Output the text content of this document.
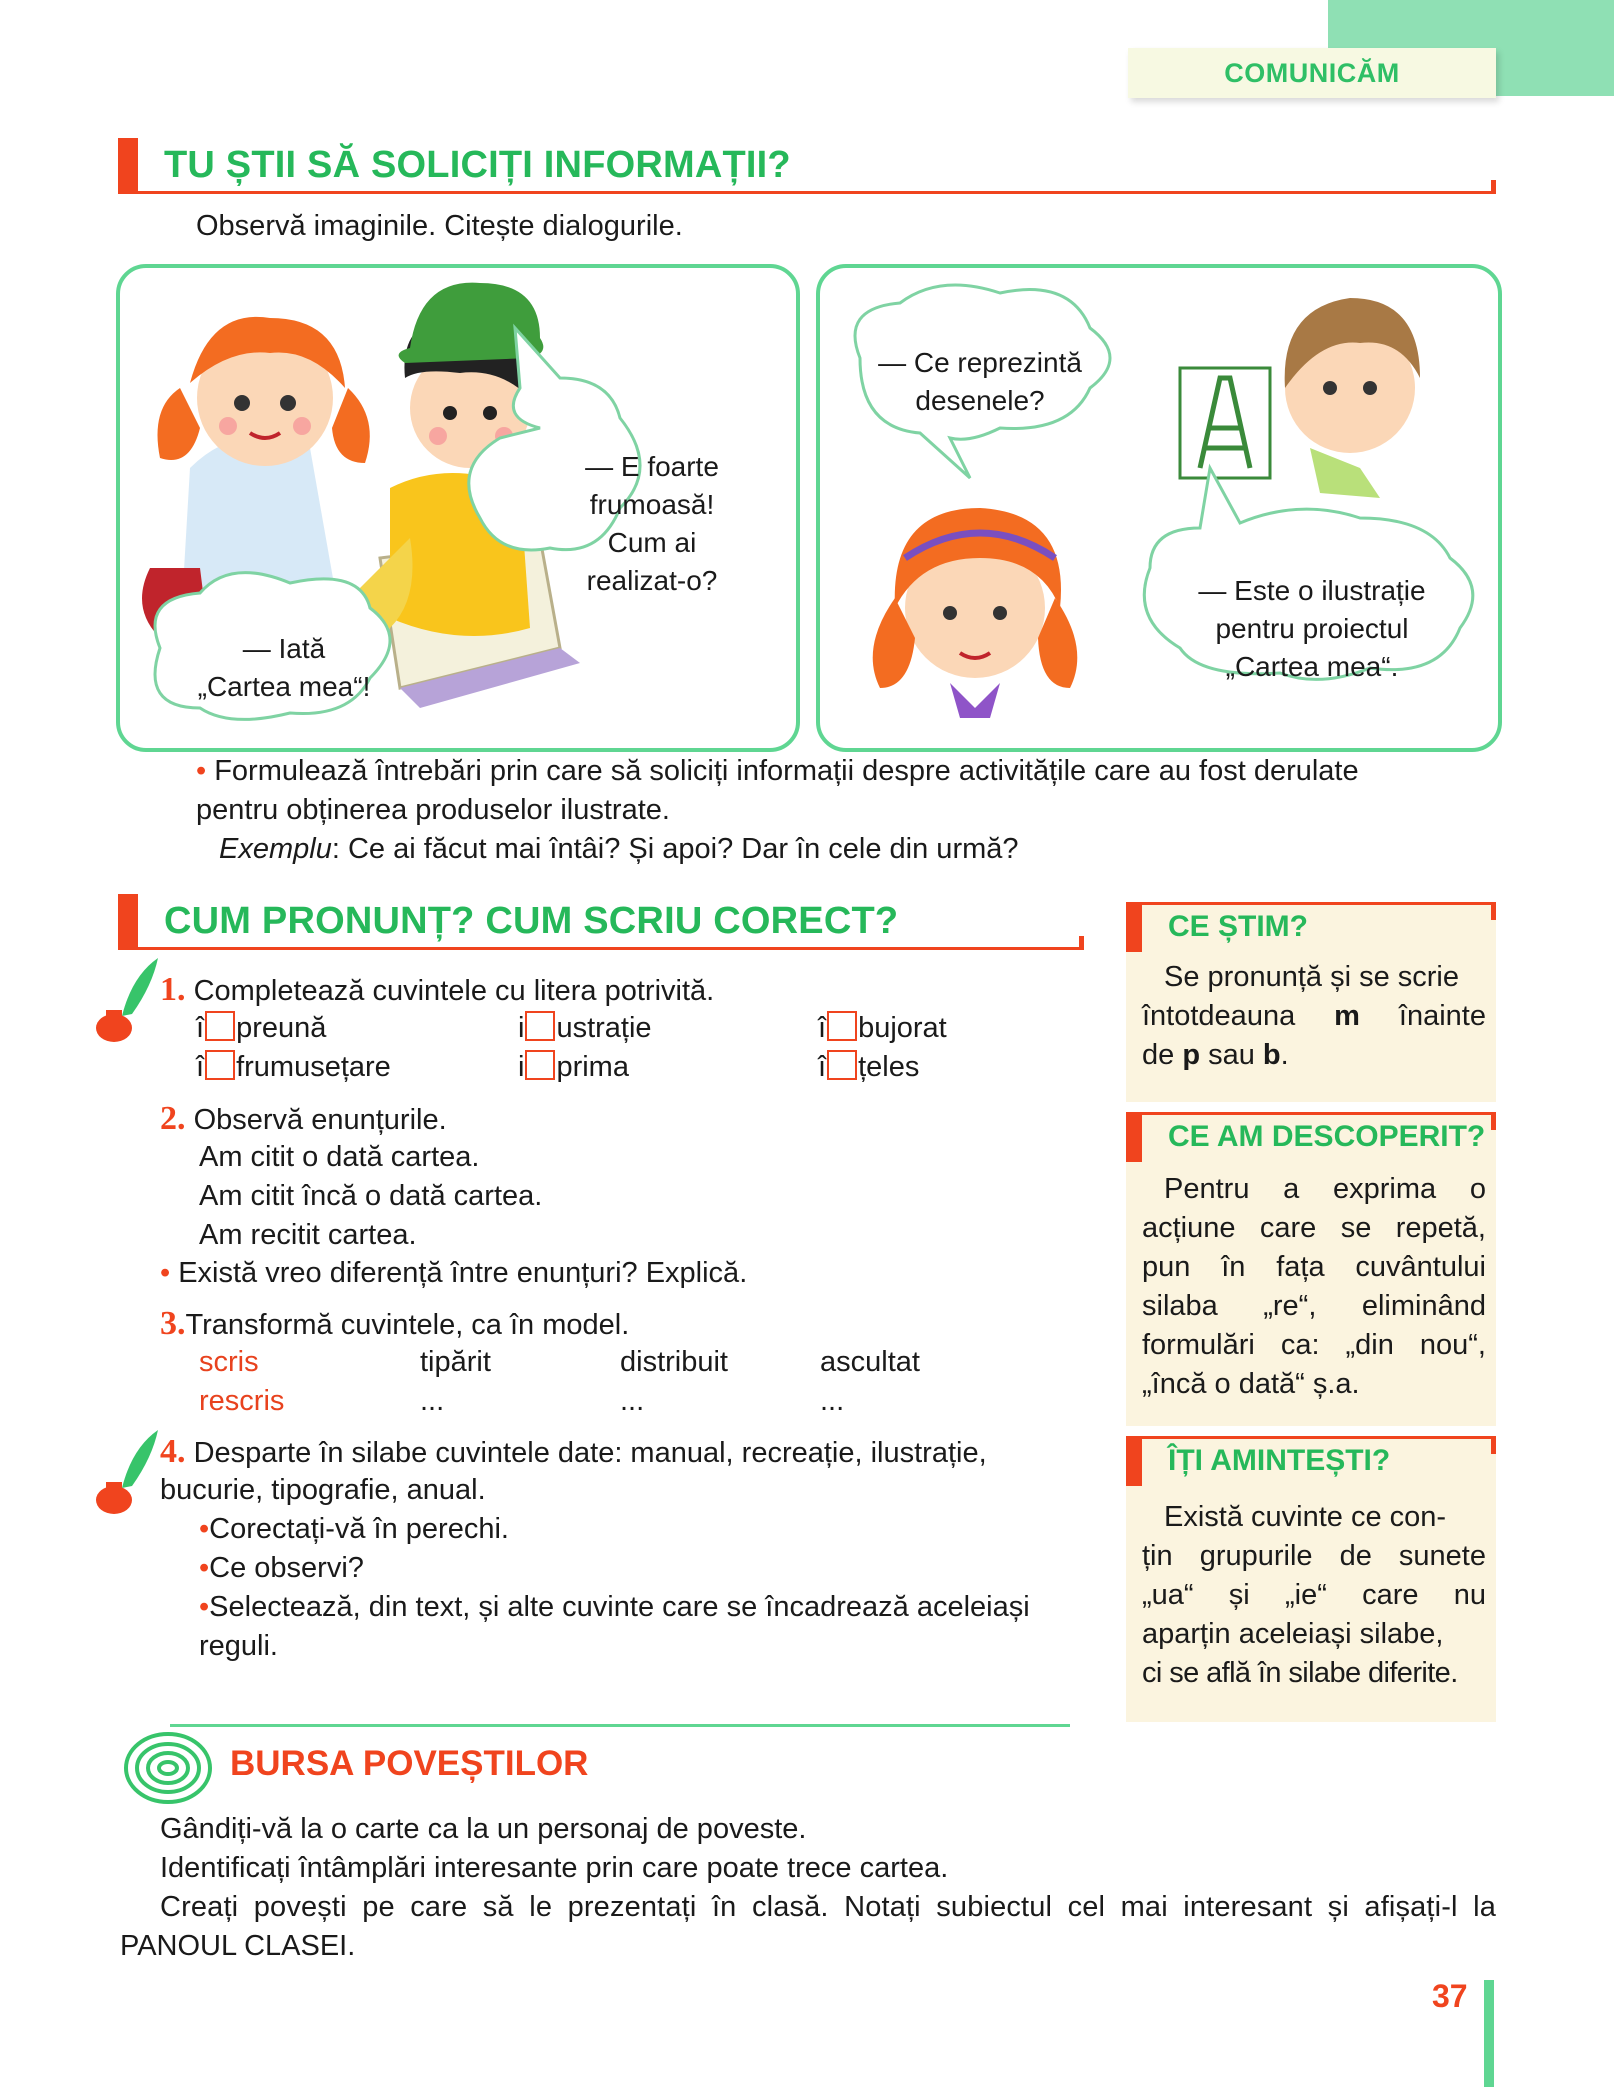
COMUNICĂM
TU ȘTII SĂ SOLICIȚI INFORMAȚII?
Observă imaginile. Citește dialogurile.
— Iată
„Cartea mea“!
— E foarte
frumoasă!
Cum ai
realizat-o?
— Ce reprezintă
desenele?
— Este o ilustrație
pentru proiectul
„Cartea mea“.
• Formulează întrebări prin care să soliciți informații despre activitățile care au fost derulate
pentru obținerea produselor ilustrate.
Exemplu: Ce ai făcut mai întâi? Și apoi? Dar în cele din urmă?
CUM PRONUNȚ? CUM SCRIU CORECT?
1. Completează cuvintele cu litera potrivită.
î preună	i ustrație	î bujorat
î frumusețare	i prima	î țeles
2. Observă enunțurile.
Am citit o dată cartea.
Am citit încă o dată cartea.
Am recitit cartea.
• Există vreo diferență între enunțuri? Explică.
3.Transformă cuvintele, ca în model.
scris	tipărit	distribuit	ascultat
rescris	...	...	...
4. Desparte în silabe cuvintele date: manual, recreație, ilustrație,
bucurie, tipografie, anual.
•Corectați-vă în perechi.
•Ce observi?
•Selectează, din text, și alte cuvinte care se încadrează aceleiași
reguli.
CE ȘTIM?
Se pronunță și se scrie
întotdeauna m înainte
de p sau b.
CE AM DESCOPERIT?
Pentru a exprima o
acțiune care se repetă,
pun în fața cuvântului
silaba „re“, eliminând
formulări ca: „din nou“,
„încă o dată“ ș.a.
ÎȚI AMINTEȘTI?
Există cuvinte ce con-
țin grupurile de sunete
„ua“ și „ie“ care nu
aparțin aceleiași silabe,
ci se află în silabe diferite.
BURSA POVEȘTILOR
Gândiți-vă la o carte ca la un personaj de poveste.
Identificați întâmplări interesante prin care poate trece cartea.
Creați povești pe care să le prezentați în clasă. Notați subiectul cel mai interesant și afișați-l la
PANOUL CLASEI.
37
